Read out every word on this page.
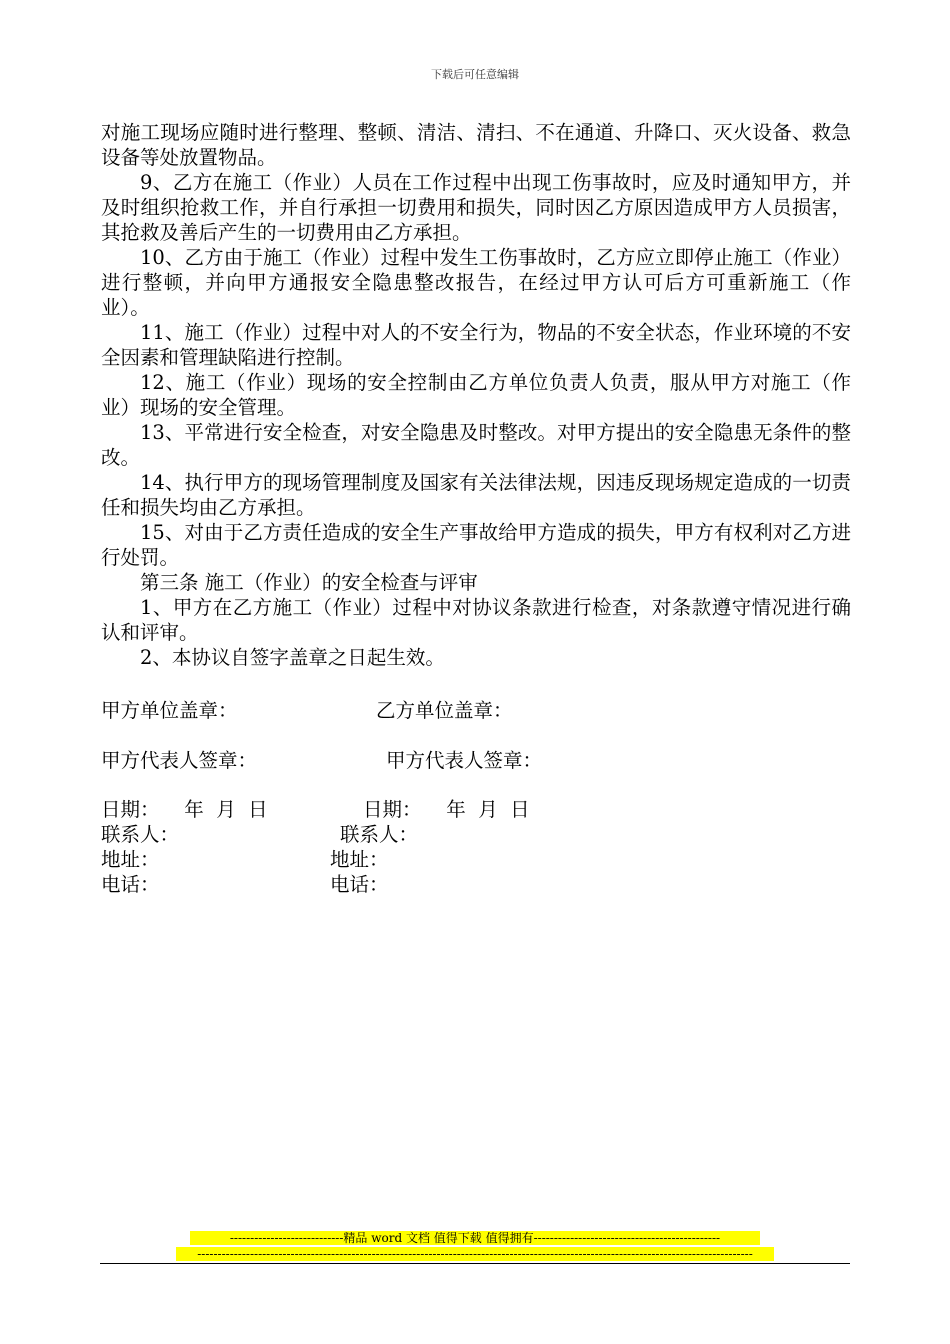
下载后可任意编辑

对施工现场应随时进行整理、整顿、清洁、清扫、不在通道、升降口、灭火设备、救急设备等处放置物品。

9、乙方在施工（作业）人员在工作过程中出现工伤事故时，应及时通知甲方，并及时组织抢救工作，并自行承担一切费用和损失，同时因乙方原因造成甲方人员损害，其抢救及善后产生的一切费用由乙方承担。

10、乙方由于施工（作业）过程中发生工伤事故时，乙方应立即停止施工（作业）进行整顿，并向甲方通报安全隐患整改报告，在经过甲方认可后方可重新施工（作业）。

11、施工（作业）过程中对人的不安全行为，物品的不安全状态，作业环境的不安全因素和管理缺陷进行控制。

12、施工（作业）现场的安全控制由乙方单位负责人负责，服从甲方对施工（作业）现场的安全管理。

13、平常进行安全检查，对安全隐患及时整改。对甲方提出的安全隐患无条件的整改。

14、执行甲方的现场管理制度及国家有关法律法规，因违反现场规定造成的一切责任和损失均由乙方承担。

15、对由于乙方责任造成的安全生产事故给甲方造成的损失，甲方有权利对乙方进行处罚。

第三条 施工（作业）的安全检查与评审

1、甲方在乙方施工（作业）过程中对协议条款进行检查，对条款遵守情况进行确认和评审。

2、本协议自签字盖章之日起生效。

甲方单位盖章：	乙方单位盖章：
甲方代表人签章：	甲方代表人签章：
日期：    年  月  日	日期：    年  月  日
联系人：	联系人：
地址：	地址：
电话：	电话：
----------------------------精品 word 文档 值得下载 值得拥有----------------------------------------------
-----------------------------------------------------------------------------------------------------------------------------------------
